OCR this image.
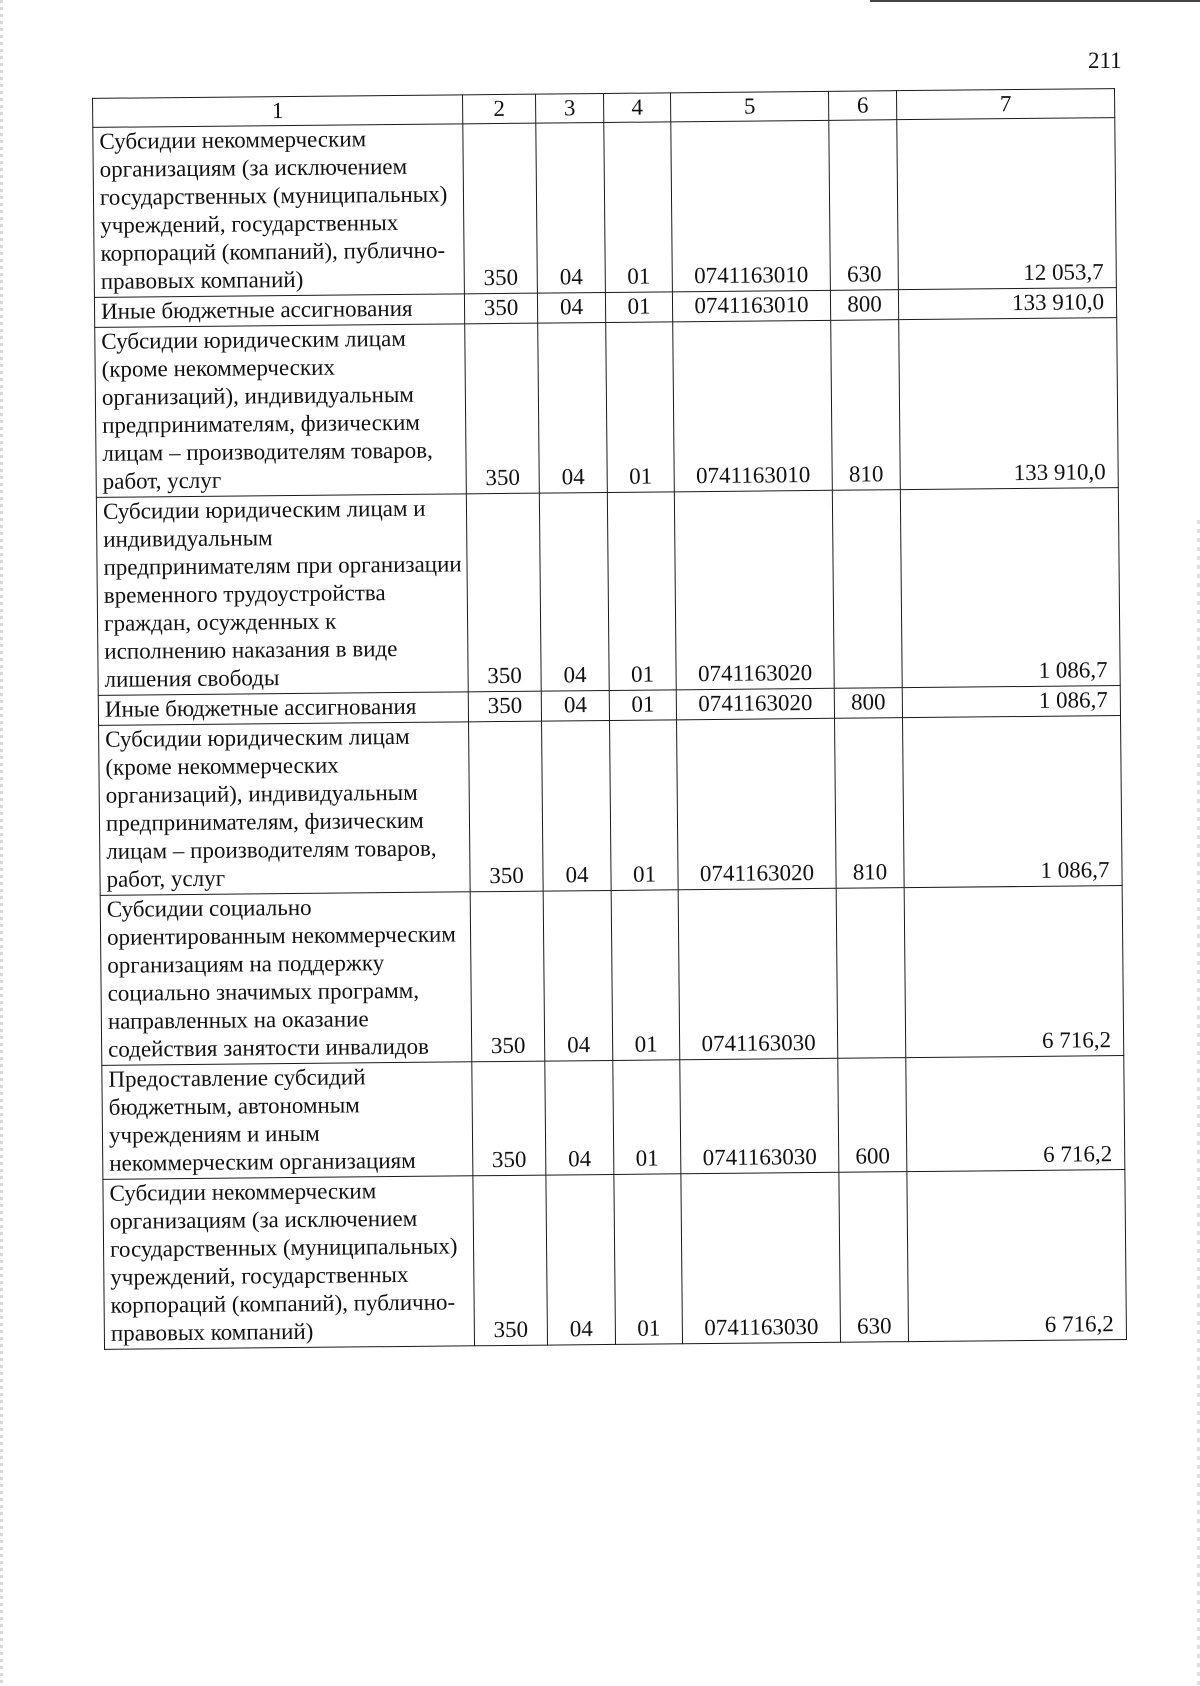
211
1	2	3	4	5	6	7
Субсидии некоммерческим организациям (за исключением государственных (муниципальных) учреждений, государственных корпораций (компаний), публично-правовых компаний)	350	04	01	0741163010	630	12 053,7
Иные бюджетные ассигнования	350	04	01	0741163010	800	133 910,0
Субсидии юридическим лицам (кроме некоммерческих организаций), индивидуальным предпринимателям, физическим лицам – производителям товаров, работ, услуг	350	04	01	0741163010	810	133 910,0
Субсидии юридическим лицам и индивидуальным предпринимателям при организации временного трудоустройства граждан, осужденных к исполнению наказания в виде лишения свободы	350	04	01	0741163020		1 086,7
Иные бюджетные ассигнования	350	04	01	0741163020	800	1 086,7
Субсидии юридическим лицам (кроме некоммерческих организаций), индивидуальным предпринимателям, физическим лицам – производителям товаров, работ, услуг	350	04	01	0741163020	810	1 086,7
Субсидии социально ориентированным некоммерческим организациям на поддержку социально значимых программ, направленных на оказание содействия занятости инвалидов	350	04	01	0741163030		6 716,2
Предоставление субсидий бюджетным, автономным учреждениям и иным некоммерческим организациям	350	04	01	0741163030	600	6 716,2
Субсидии некоммерческим организациям (за исключением государственных (муниципальных) учреждений, государственных корпораций (компаний), публично-правовых компаний)	350	04	01	0741163030	630	6 716,2
